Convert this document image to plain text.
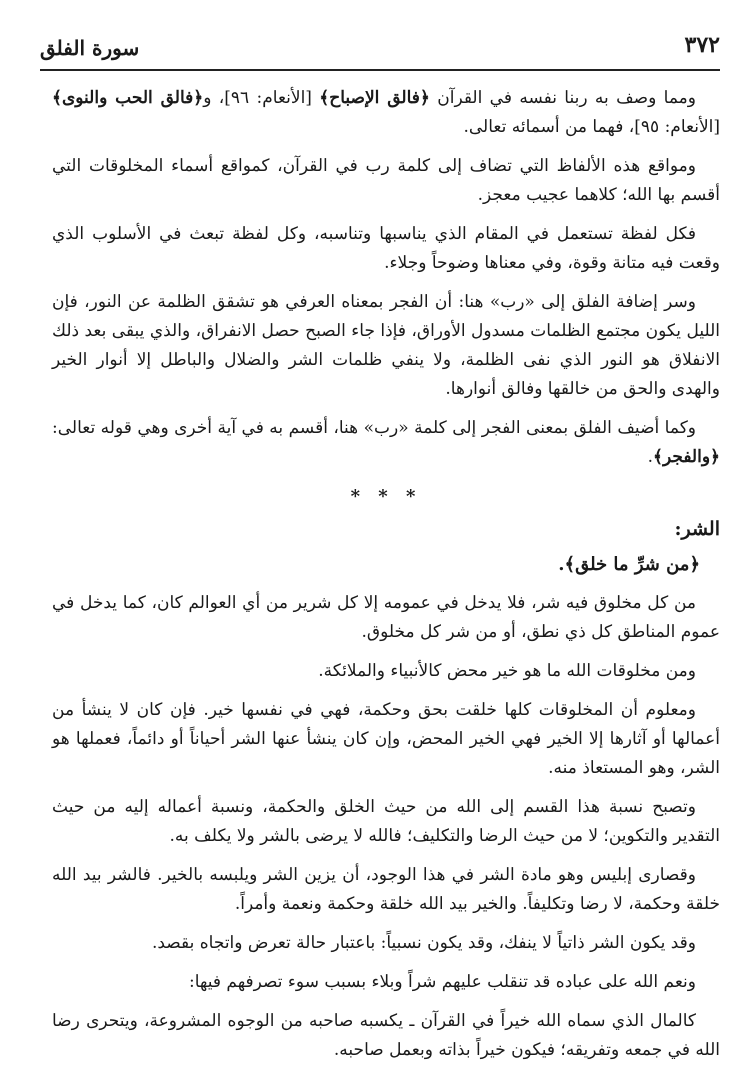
٣٧٢
سورة الفلق

ومما وصف به ربنا نفسه في القرآن ﴿فالق الإصباح﴾ [الأنعام: ٩٦]، و﴿فالق الحب والنوى﴾ [الأنعام: ٩٥]، فهما من أسمائه تعالى.

ومواقع هذه الألفاظ التي تضاف إلى كلمة رب في القرآن، كمواقع أسماء المخلوقات التي أقسم بها الله؛ كلاهما عجيب معجز.

فكل لفظة تستعمل في المقام الذي يناسبها وتناسبه، وكل لفظة تبعث في الأسلوب الذي وقعت فيه متانة وقوة، وفي معناها وضوحاً وجلاء.

وسر إضافة الفلق إلى «رب» هنا: أن الفجر بمعناه العرفي هو تشقق الظلمة عن النور، فإن الليل يكون مجتمع الظلمات مسدول الأوراق، فإذا جاء الصبح حصل الانفراق، والذي يبقى بعد ذلك الانفلاق هو النور الذي نفى الظلمة، ولا ينفي ظلمات الشر والضلال والباطل إلا أنوار الخير والهدى والحق من خالقها وفالق أنوارها.

وكما أضيف الفلق بمعنى الفجر إلى كلمة «رب» هنا، أقسم به في آية أخرى وهي قوله تعالى: ﴿والفجر﴾.

* * *
الشر:
﴿من شرِّ ما خلق﴾.

من كل مخلوق فيه شر، فلا يدخل في عمومه إلا كل شرير من أي العوالم كان، كما يدخل في عموم المناطق كل ذي نطق، أو من شر كل مخلوق.

ومن مخلوقات الله ما هو خير محض كالأنبياء والملائكة.

ومعلوم أن المخلوقات كلها خلقت بحق وحكمة، فهي في نفسها خير. فإن كان لا ينشأ من أعمالها أو آثارها إلا الخير فهي الخير المحض، وإن كان ينشأ عنها الشر أحياناً أو دائماً، فعملها هو الشر، وهو المستعاذ منه.

وتصبح نسبة هذا القسم إلى الله من حيث الخلق والحكمة، ونسبة أعماله إليه من حيث التقدير والتكوين؛ لا من حيث الرضا والتكليف؛ فالله لا يرضى بالشر ولا يكلف به.

وقصارى إبليس وهو مادة الشر في هذا الوجود، أن يزين الشر ويلبسه بالخير. فالشر بيد الله خلقة وحكمة، لا رضا وتكليفاً. والخير بيد الله خلقة وحكمة ونعمة وأمراً.

وقد يكون الشر ذاتياً لا ينفك، وقد يكون نسبياً: باعتبار حالة تعرض واتجاه بقصد.

ونعم الله على عباده قد تنقلب عليهم شراً وبلاء بسبب سوء تصرفهم فيها:

كالمال الذي سماه الله خيراً في القرآن ـ يكسبه صاحبه من الوجوه المشروعة، ويتحرى رضا الله في جمعه وتفريقه؛ فيكون خيراً بذاته وبعمل صاحبه.
